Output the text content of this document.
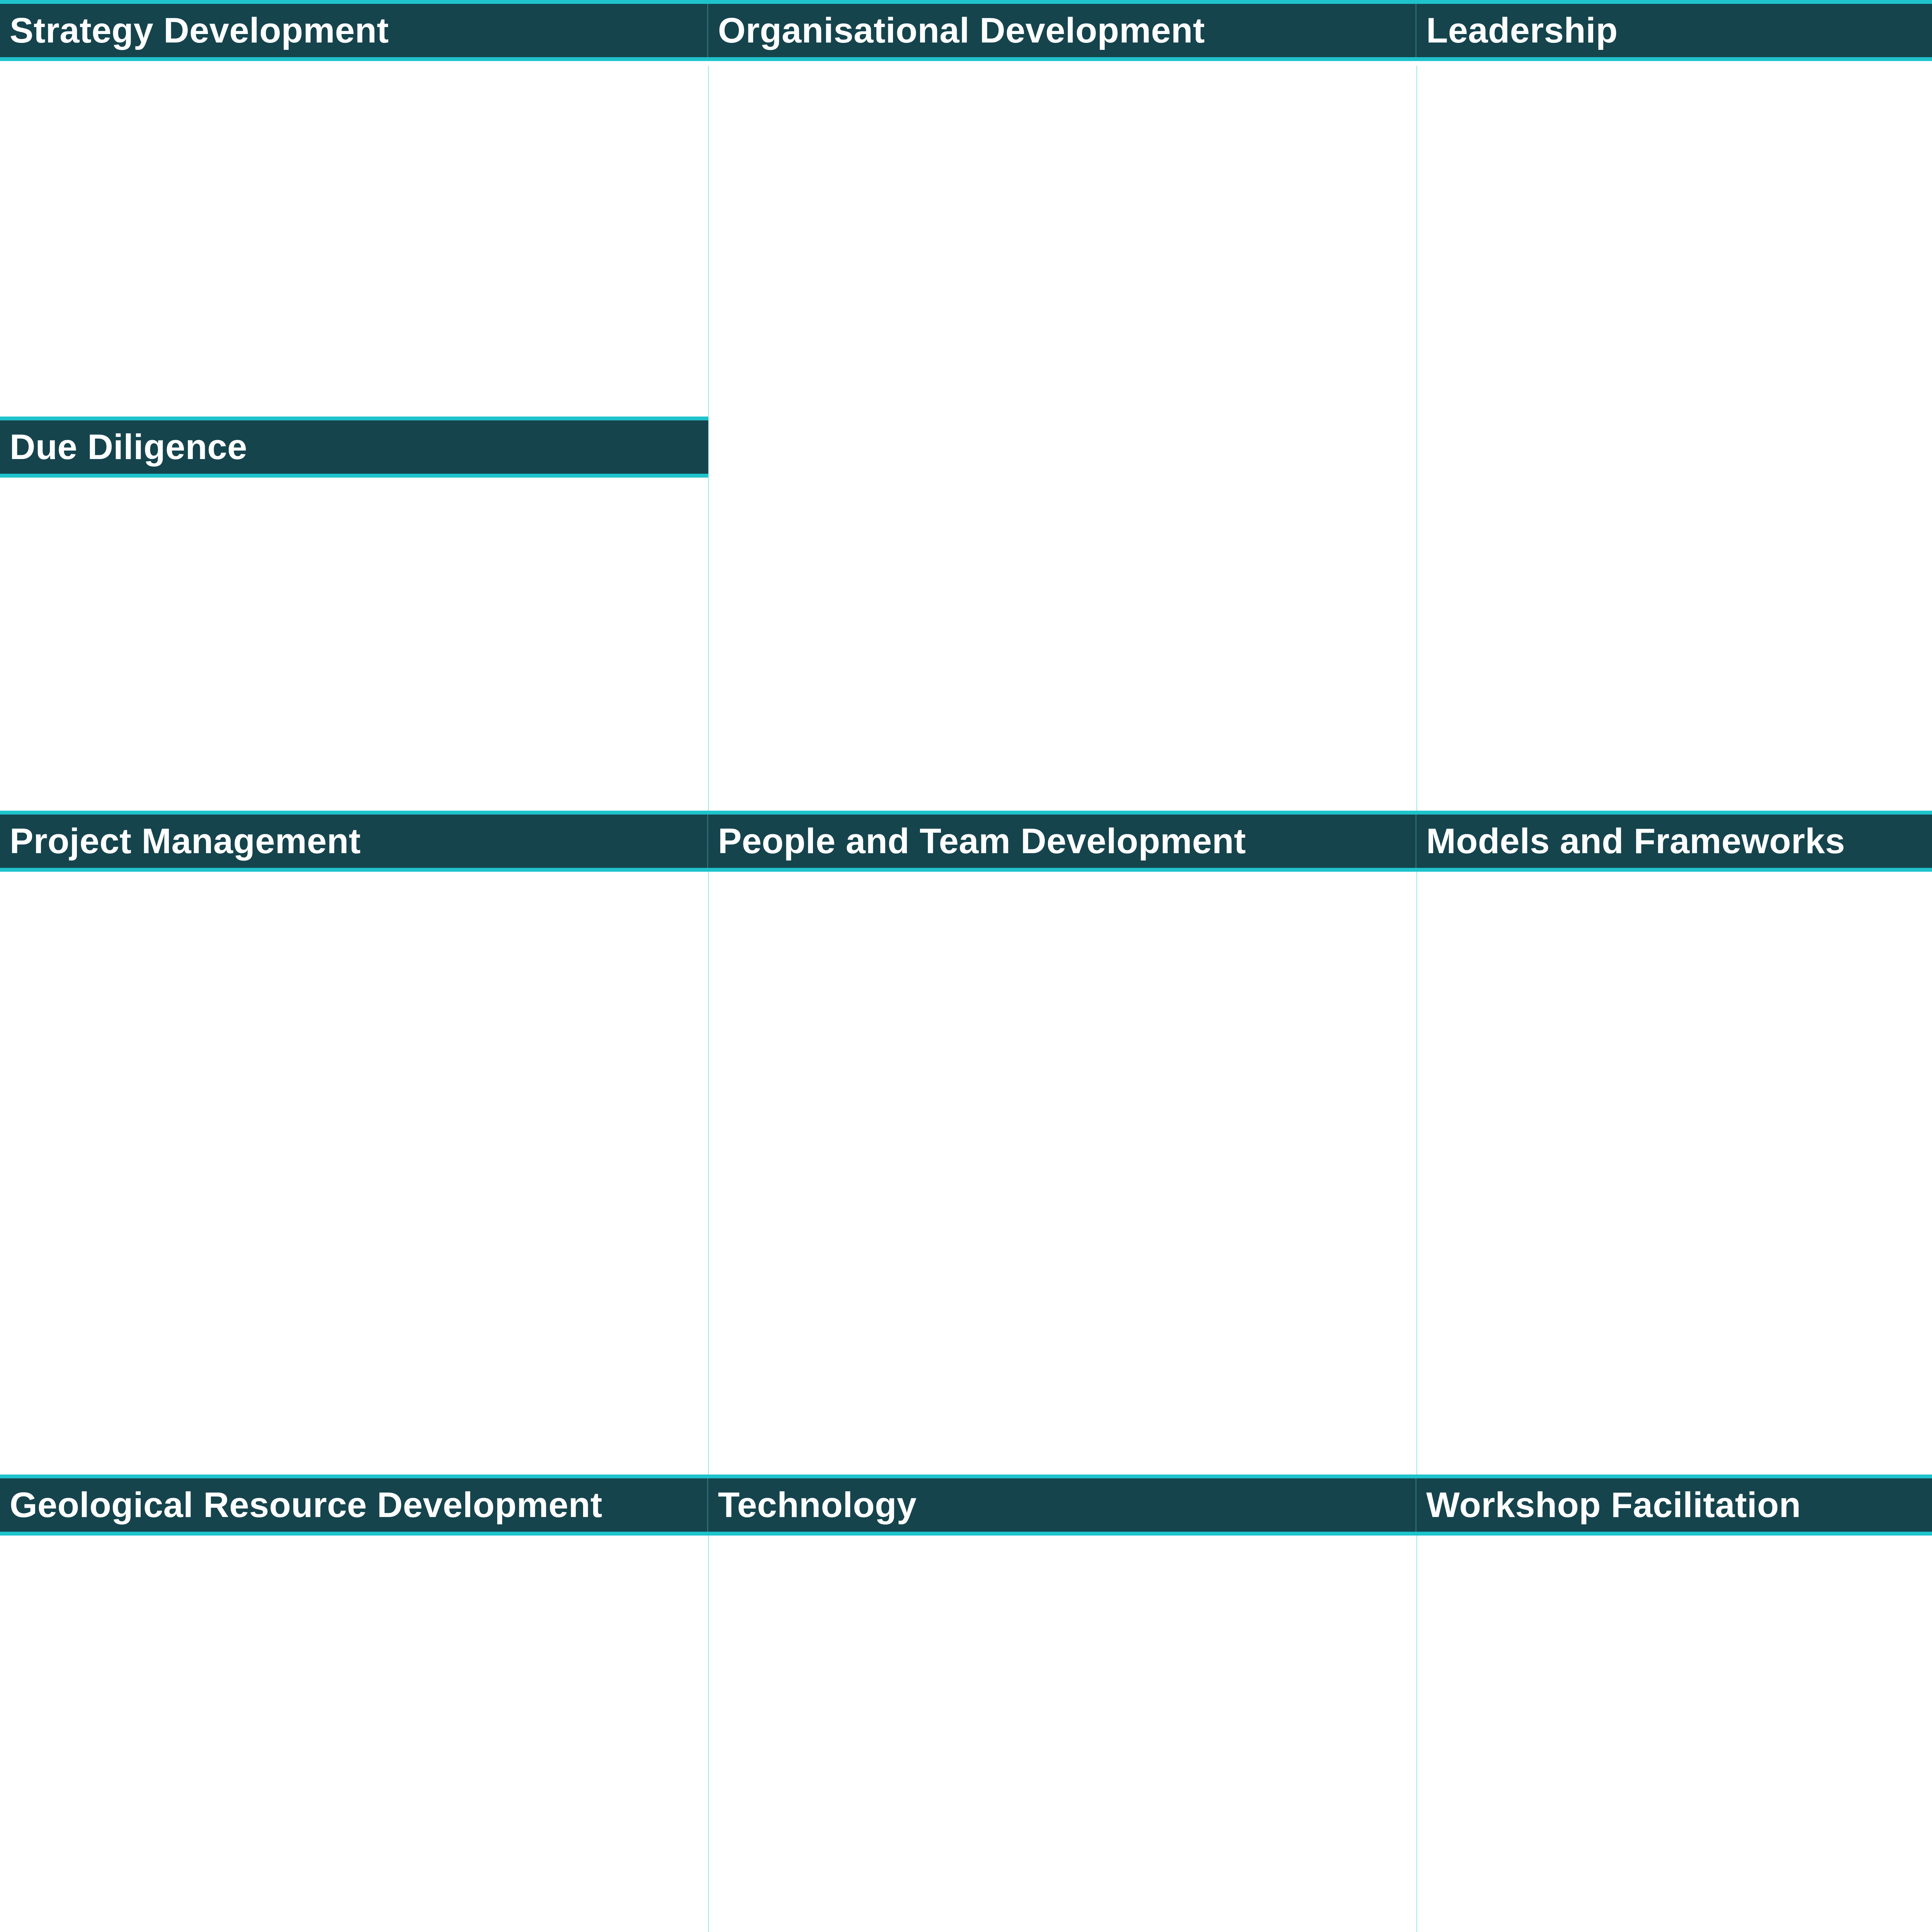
Strategy Development	Organisational Development	Leadership
Due Diligence
Project Management	People and Team Development	Models and Frameworks
Geological Resource Development	Technology	Workshop Facilitation
